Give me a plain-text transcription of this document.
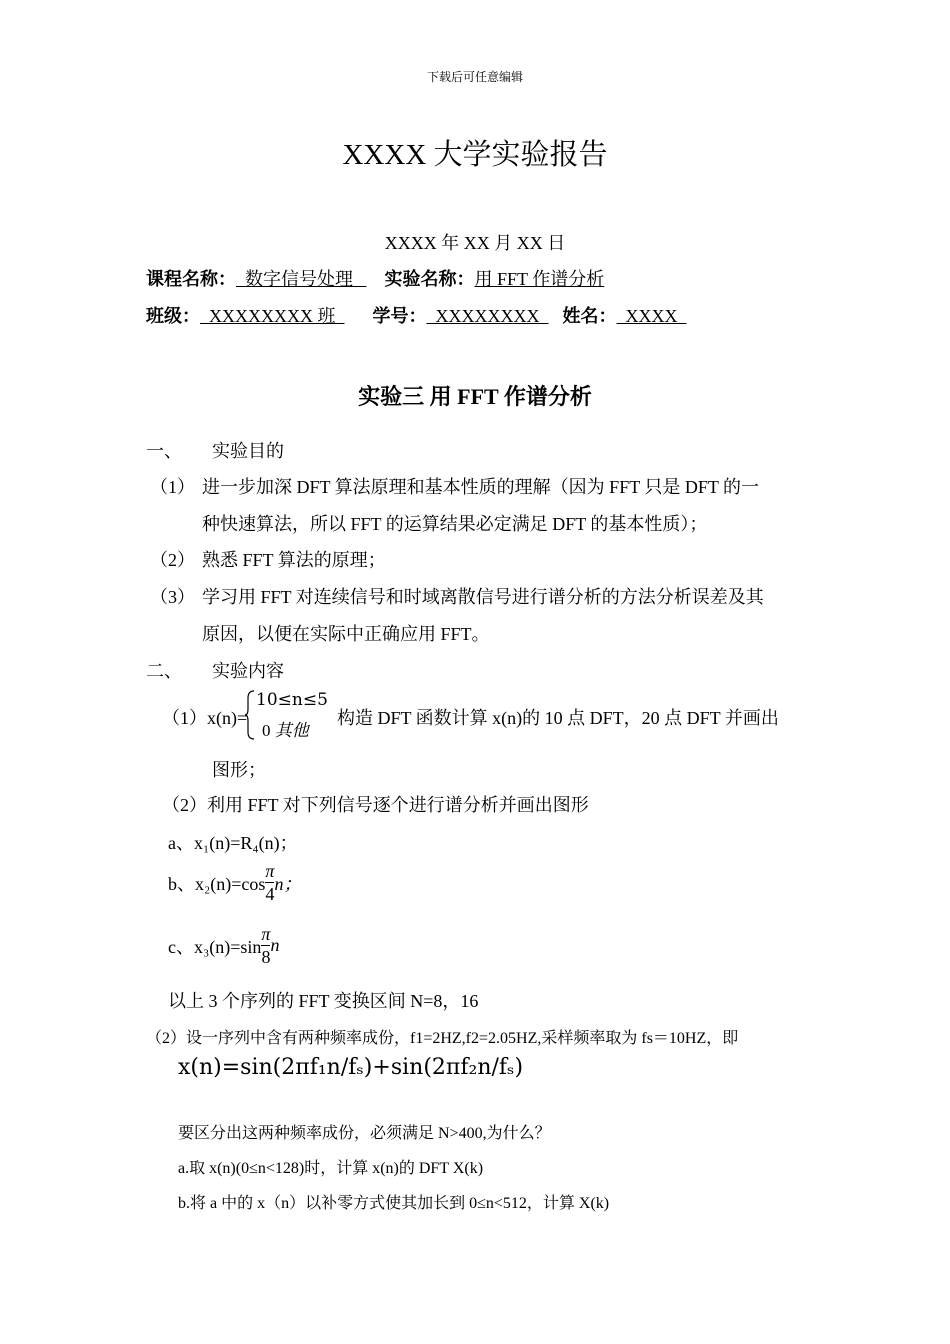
下载后可任意编辑
XXXX 大学实验报告
XXXX 年 XX 月 XX 日
课程名称：  数字信号处理   实验名称：用 FFT 作谱分析
班级：  XXXXXXXX 班  学号：  XXXXXXXX  姓名：  XXXX
实验三 用 FFT 作谱分析
一、 实验目的
（1） 进一步加深 DFT 算法原理和基本性质的理解（因为 FFT 只是 DFT 的一
种快速算法，所以 FFT 的运算结果必定满足 DFT 的基本性质）；
（2） 熟悉 FFT 算法的原理；
（3） 学习用 FFT 对连续信号和时域离散信号进行谱分析的方法分析误差及其
原因，以便在实际中正确应用 FFT。
二、 实验内容
（1）x(n)=
10≤n≤5
0 其他
构造 DFT 函数计算 x(n)的 10 点 DFT，20 点 DFT 并画出
图形；
（2）利用 FFT 对下列信号逐个进行谱分析并画出图形
a、x₁(n)=R₄(n)；
b、$x_2(n)=\cos \frac{\pi}{4}$ n；
c、$x_3(n)=\sin \frac{\pi}{8}$ n
以上 3 个序列的 FFT 变换区间 N=8，16
（2）设一序列中含有两种频率成份，f1=2HZ,f2=2.05HZ,采样频率取为 fs＝10HZ，即
x(n)=sin(2πf₁n/fₛ)+sin(2πf₂n/fₛ)
要区分出这两种频率成份，必须满足 N>400,为什么？
a.取 x(n)(0≤n<128)时，计算 x(n)的 DFT X(k)
b.将 a 中的 x（n）以补零方式使其加长到 0≤n<512，计算 X(k)
